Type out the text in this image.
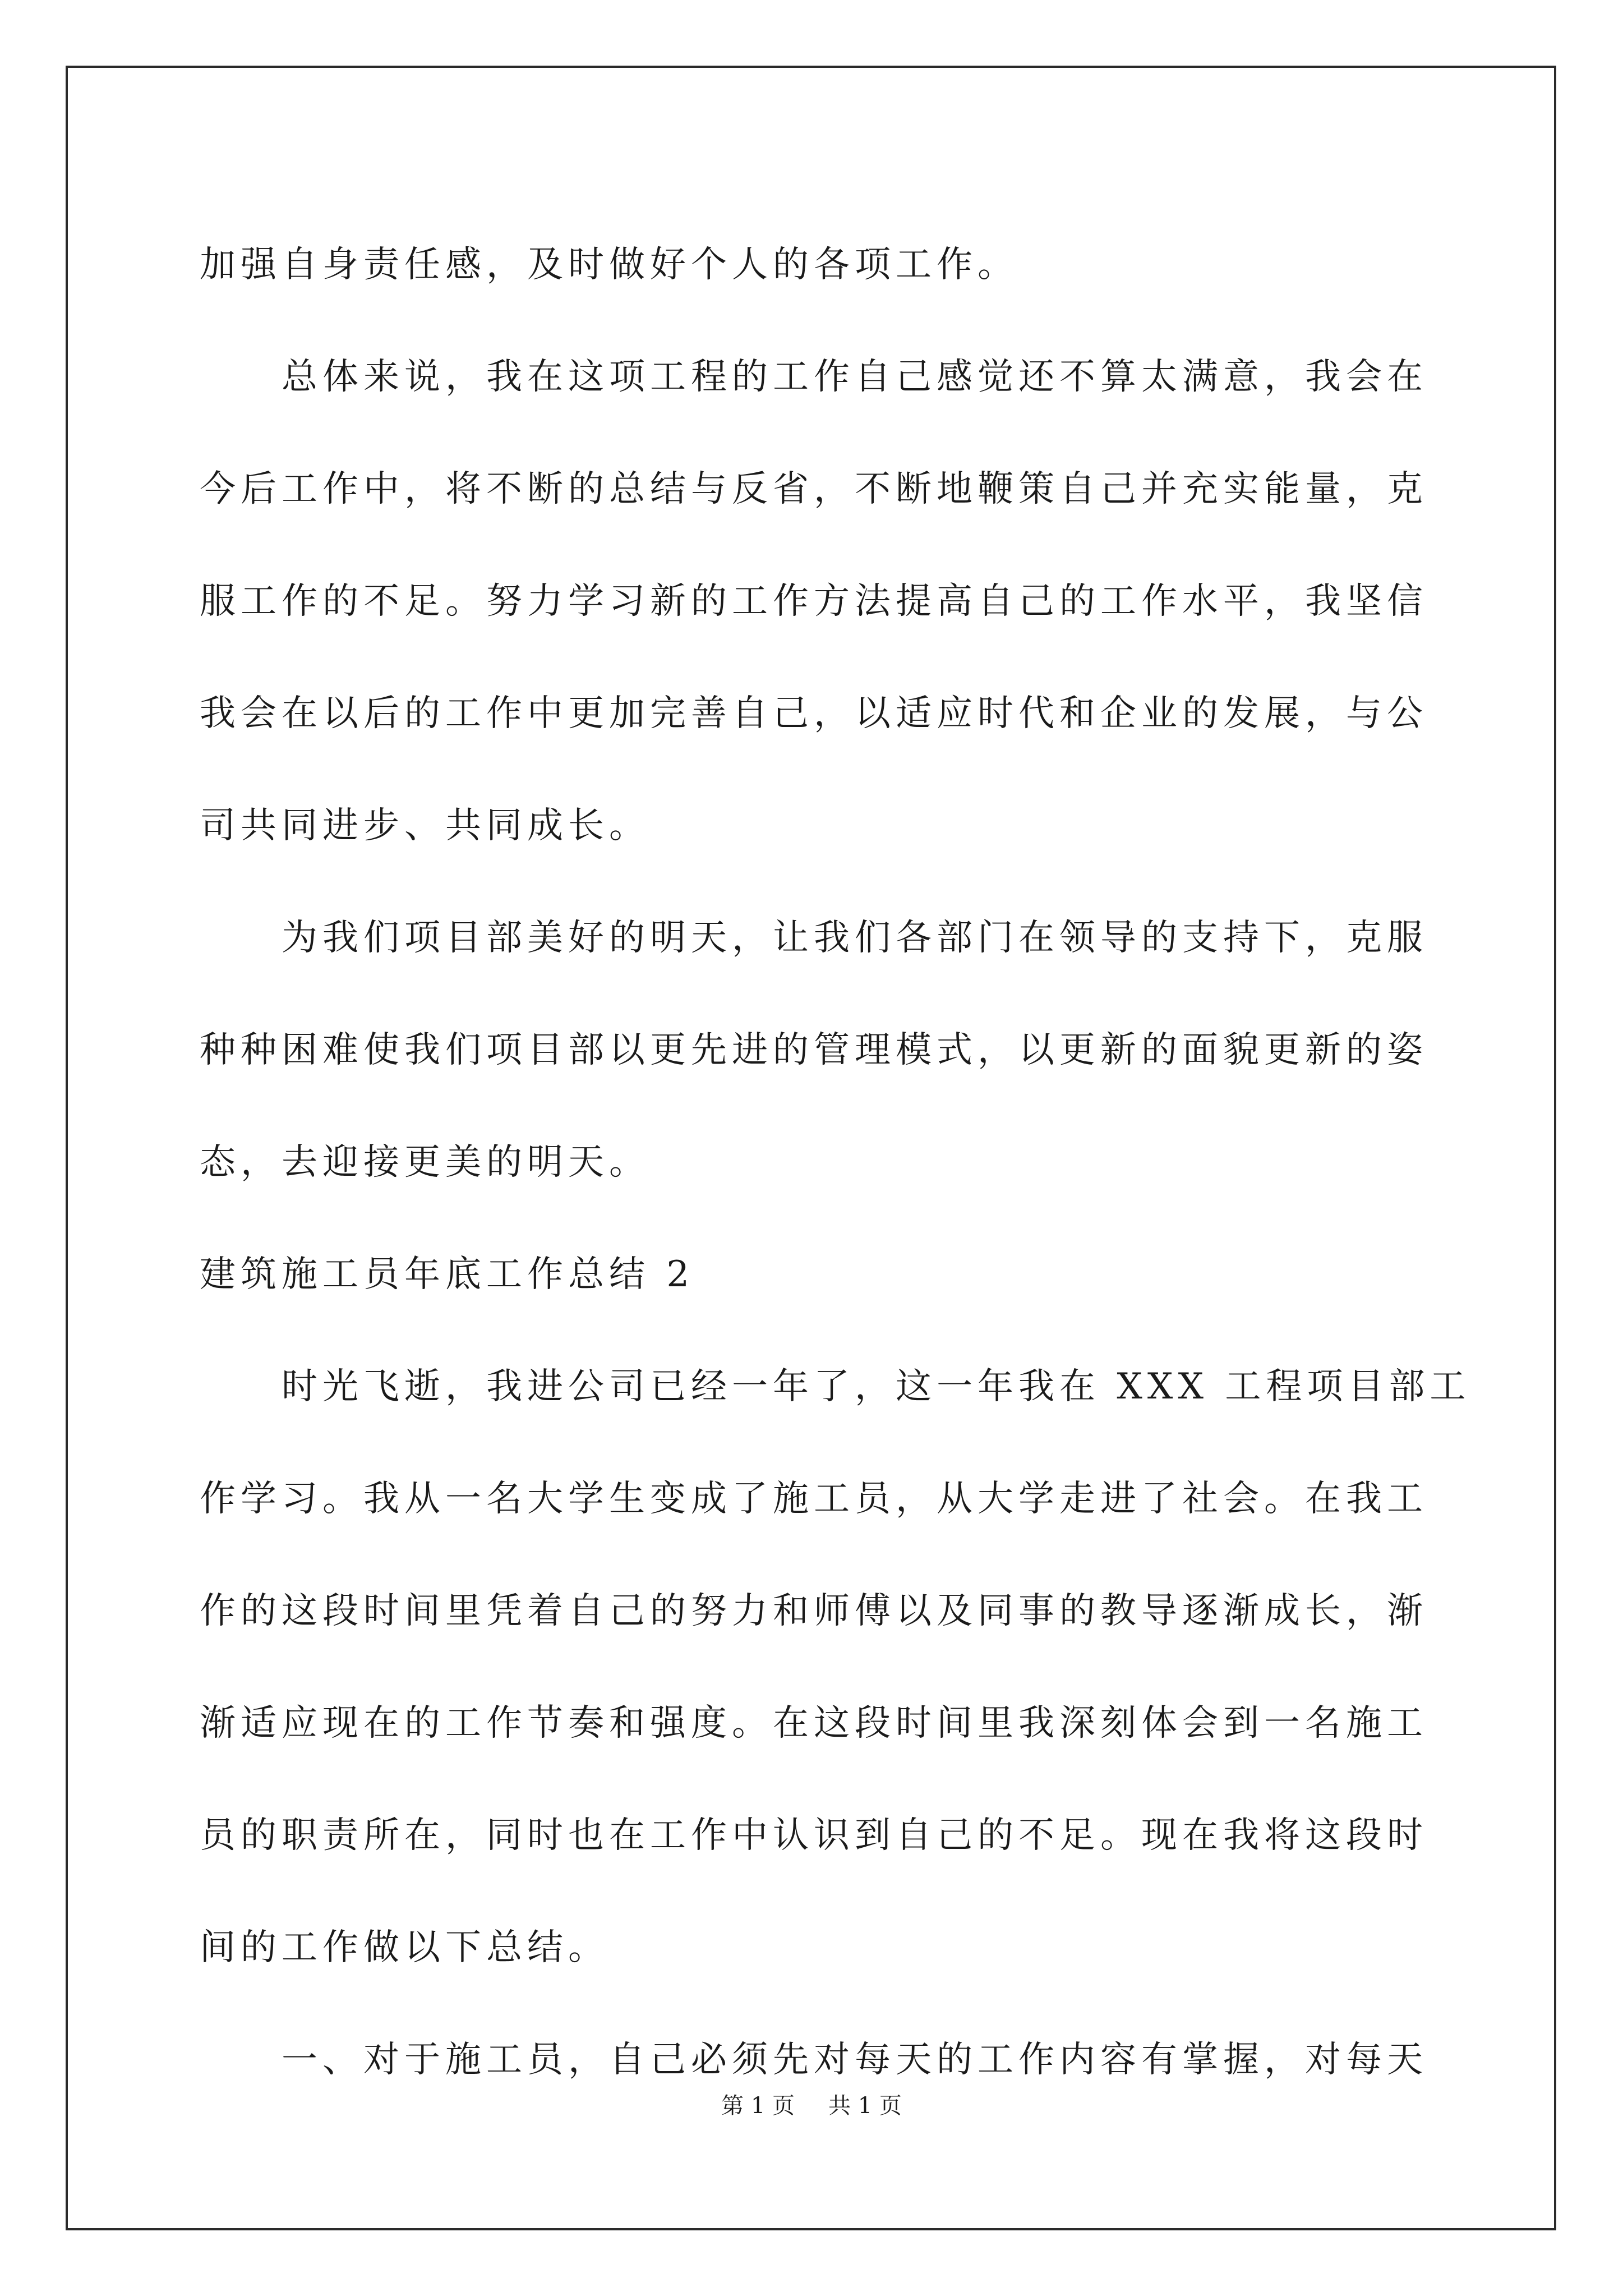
加强自身责任感，及时做好个人的各项工作。
总体来说，我在这项工程的工作自己感觉还不算太满意，我会在
今后工作中，将不断的总结与反省，不断地鞭策自己并充实能量，克
服工作的不足。努力学习新的工作方法提高自己的工作水平，我坚信
我会在以后的工作中更加完善自己，以适应时代和企业的发展，与公
司共同进步、共同成长。
为我们项目部美好的明天，让我们各部门在领导的支持下，克服
种种困难使我们项目部以更先进的管理模式，以更新的面貌更新的姿
态，去迎接更美的明天。
建筑施工员年底工作总结 2
时光飞逝，我进公司已经一年了，这一年我在 XXX 工程项目部工
作学习。我从一名大学生变成了施工员，从大学走进了社会。在我工
作的这段时间里凭着自己的努力和师傅以及同事的教导逐渐成长，渐
渐适应现在的工作节奏和强度。在这段时间里我深刻体会到一名施工
员的职责所在，同时也在工作中认识到自己的不足。现在我将这段时
间的工作做以下总结。
一、对于施工员，自己必须先对每天的工作内容有掌握，对每天
第 1 页 共 1 页
